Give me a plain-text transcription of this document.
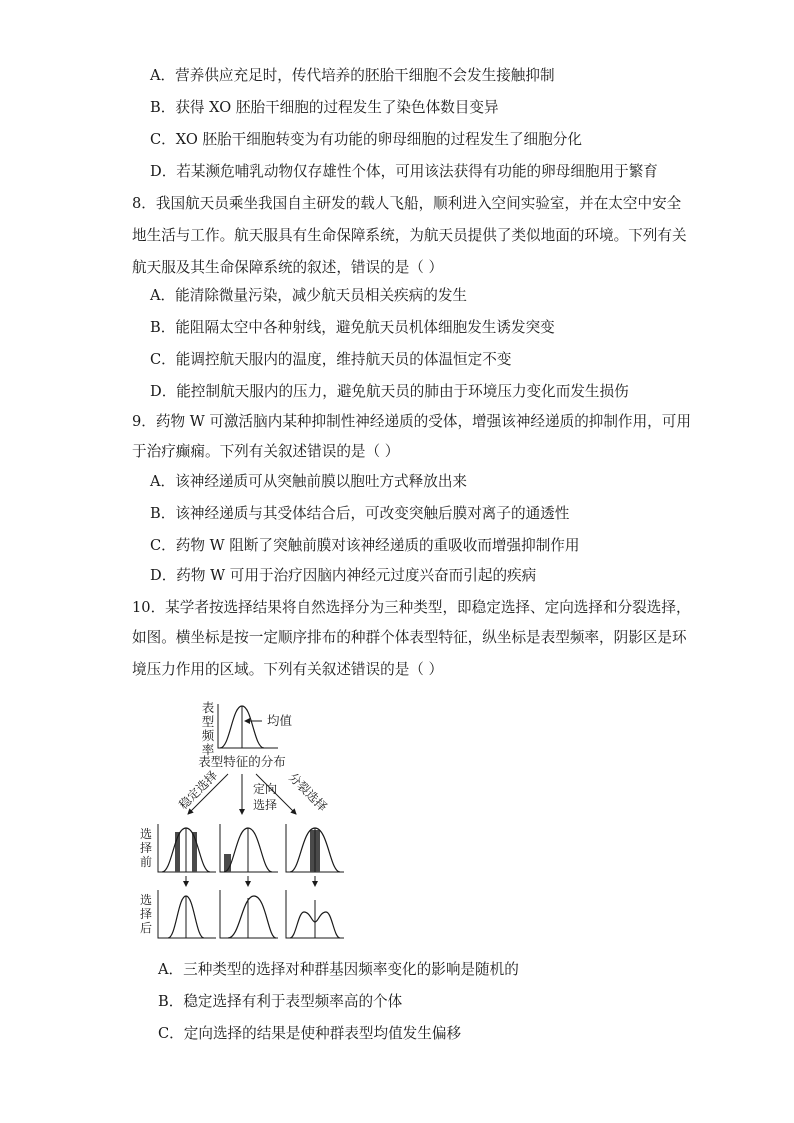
A．营养供应充足时，传代培养的胚胎干细胞不会发生接触抑制
B．获得 XO 胚胎干细胞的过程发生了染色体数目变异
C．XO 胚胎干细胞转变为有功能的卵母细胞的过程发生了细胞分化
D．若某濒危哺乳动物仅存雄性个体，可用该法获得有功能的卵母细胞用于繁育
8．我国航天员乘坐我国自主研发的载人飞船，顺利进入空间实验室，并在太空中安全
地生活与工作。航天服具有生命保障系统，为航天员提供了类似地面的环境。下列有关
航天服及其生命保障系统的叙述，错误的是（ ）
A．能清除微量污染，减少航天员相关疾病的发生
B．能阻隔太空中各种射线，避免航天员机体细胞发生诱发突变
C．能调控航天服内的温度，维持航天员的体温恒定不变
D．能控制航天服内的压力，避免航天员的肺由于环境压力变化而发生损伤
9．药物 W 可激活脑内某种抑制性神经递质的受体，增强该神经递质的抑制作用，可用
于治疗癫痫。下列有关叙述错误的是（ ）
A．该神经递质可从突触前膜以胞吐方式释放出来
B．该神经递质与其受体结合后，可改变突触后膜对离子的通透性
C．药物 W 阻断了突触前膜对该神经递质的重吸收而增强抑制作用
D．药物 W 可用于治疗因脑内神经元过度兴奋而引起的疾病
10．某学者按选择结果将自然选择分为三种类型，即稳定选择、定向选择和分裂选择，
如图。横坐标是按一定顺序排布的种群个体表型特征，纵坐标是表型频率，阴影区是环
境压力作用的区域。下列有关叙述错误的是（ ）
表
型
频
率
均值
表型特征的分布
稳定选择	定向
选择 分裂选择
选
择
前
选
择
后
A．三种类型的选择对种群基因频率变化的影响是随机的
B．稳定选择有利于表型频率高的个体
C．定向选择的结果是使种群表型均值发生偏移
